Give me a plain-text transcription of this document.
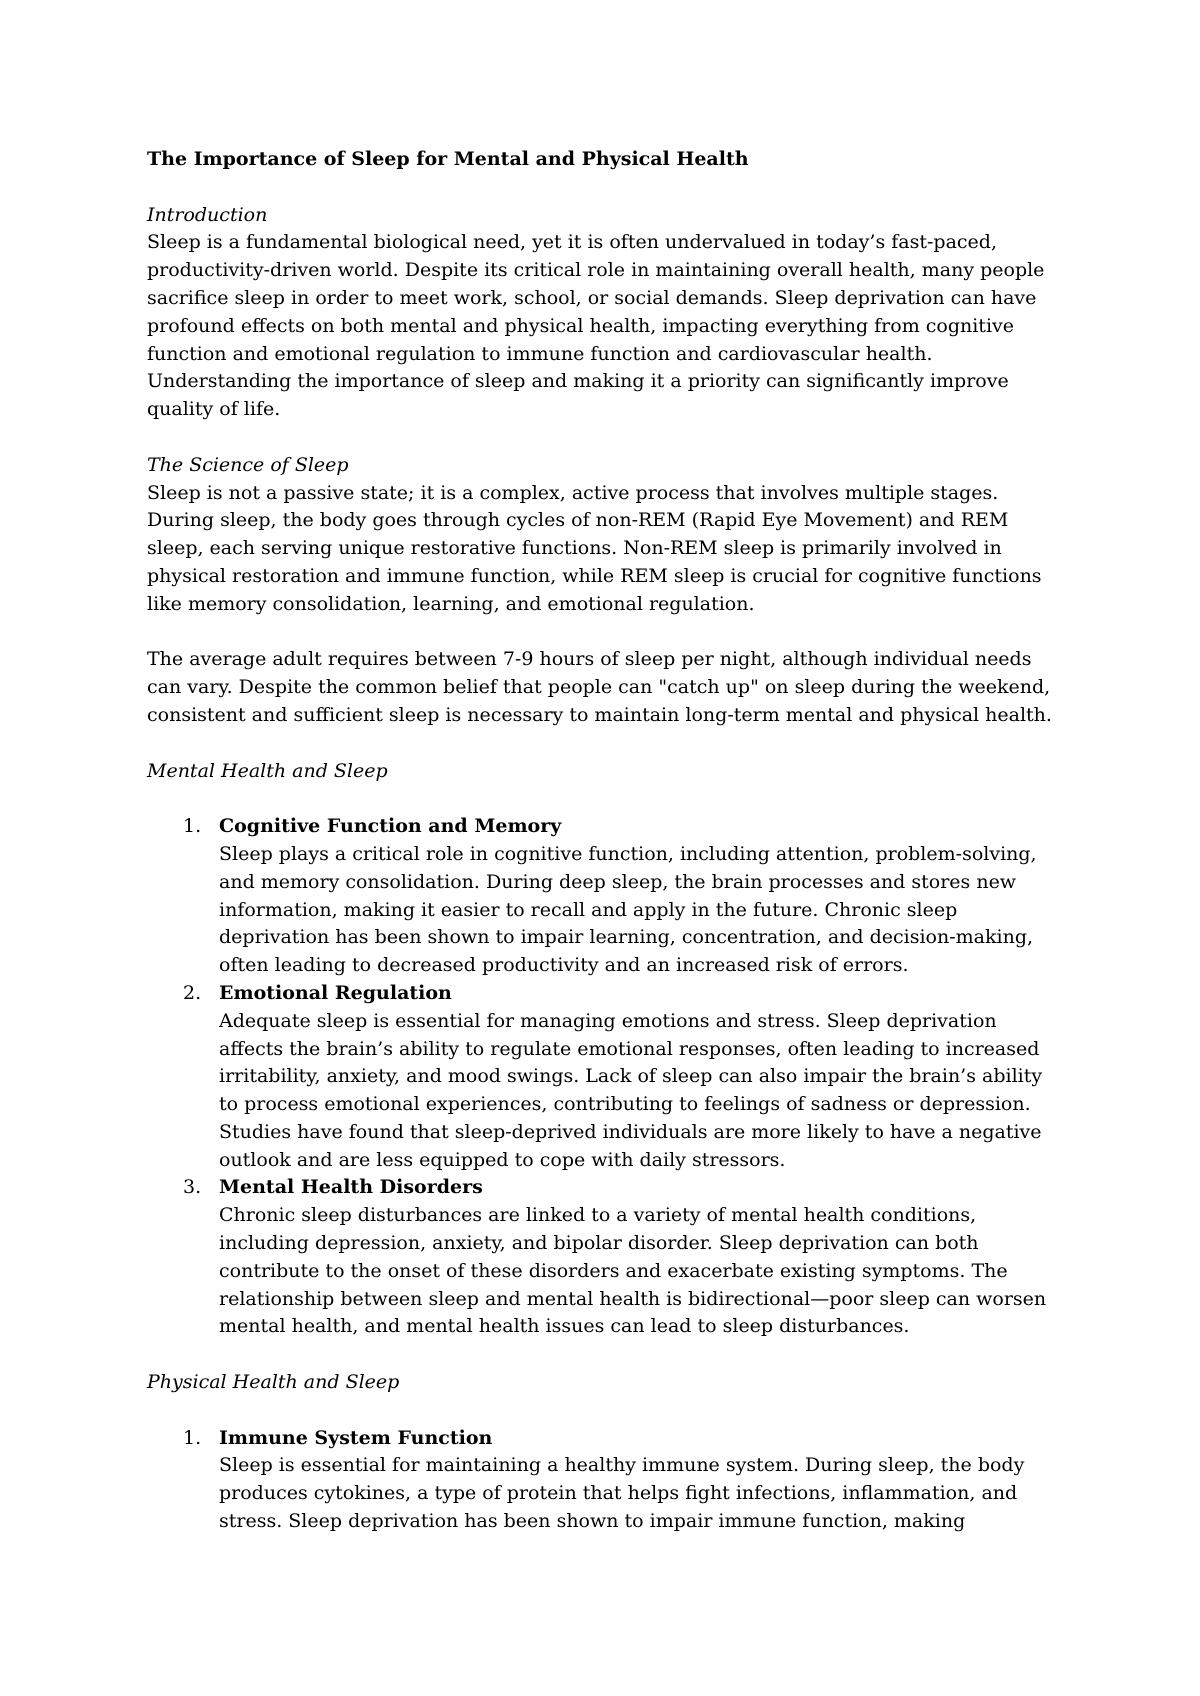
The Importance of Sleep for Mental and Physical Health

Introduction

Sleep is a fundamental biological need, yet it is often undervalued in today’s fast-paced, productivity-driven world. Despite its critical role in maintaining overall health, many people sacrifice sleep in order to meet work, school, or social demands. Sleep deprivation can have profound effects on both mental and physical health, impacting everything from cognitive function and emotional regulation to immune function and cardiovascular health. Understanding the importance of sleep and making it a priority can significantly improve quality of life.

The Science of Sleep

Sleep is not a passive state; it is a complex, active process that involves multiple stages. During sleep, the body goes through cycles of non-REM (Rapid Eye Movement) and REM sleep, each serving unique restorative functions. Non-REM sleep is primarily involved in physical restoration and immune function, while REM sleep is crucial for cognitive functions like memory consolidation, learning, and emotional regulation.

The average adult requires between 7-9 hours of sleep per night, although individual needs can vary. Despite the common belief that people can "catch up" on sleep during the weekend, consistent and sufficient sleep is necessary to maintain long-term mental and physical health.

Mental Health and Sleep

1. Cognitive Function and Memory

Sleep plays a critical role in cognitive function, including attention, problem-solving, and memory consolidation. During deep sleep, the brain processes and stores new information, making it easier to recall and apply in the future. Chronic sleep deprivation has been shown to impair learning, concentration, and decision-making, often leading to decreased productivity and an increased risk of errors.

2. Emotional Regulation

Adequate sleep is essential for managing emotions and stress. Sleep deprivation affects the brain’s ability to regulate emotional responses, often leading to increased irritability, anxiety, and mood swings. Lack of sleep can also impair the brain’s ability to process emotional experiences, contributing to feelings of sadness or depression. Studies have found that sleep-deprived individuals are more likely to have a negative outlook and are less equipped to cope with daily stressors.

3. Mental Health Disorders

Chronic sleep disturbances are linked to a variety of mental health conditions, including depression, anxiety, and bipolar disorder. Sleep deprivation can both contribute to the onset of these disorders and exacerbate existing symptoms. The relationship between sleep and mental health is bidirectional—poor sleep can worsen mental health, and mental health issues can lead to sleep disturbances.

Physical Health and Sleep

1. Immune System Function

Sleep is essential for maintaining a healthy immune system. During sleep, the body produces cytokines, a type of protein that helps fight infections, inflammation, and stress. Sleep deprivation has been shown to impair immune function, making
